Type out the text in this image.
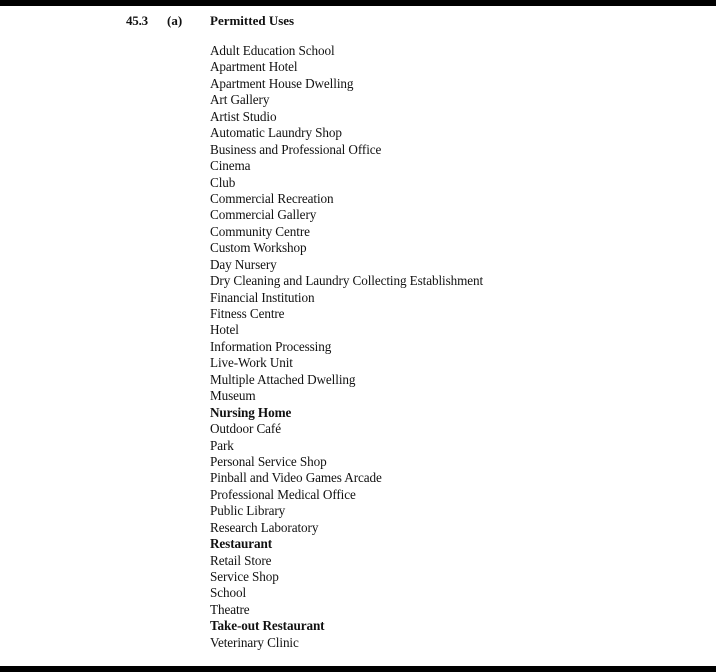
45.3 (a) Permitted Uses
Adult Education School
Apartment Hotel
Apartment House Dwelling
Art Gallery
Artist Studio
Automatic Laundry Shop
Business and Professional Office
Cinema
Club
Commercial Recreation
Commercial Gallery
Community Centre
Custom Workshop
Day Nursery
Dry Cleaning and Laundry Collecting Establishment
Financial Institution
Fitness Centre
Hotel
Information Processing
Live-Work Unit
Multiple Attached Dwelling
Museum
Nursing Home
Outdoor Café
Park
Personal Service Shop
Pinball and Video Games Arcade
Professional Medical Office
Public Library
Research Laboratory
Restaurant
Retail Store
Service Shop
School
Theatre
Take-out Restaurant
Veterinary Clinic
